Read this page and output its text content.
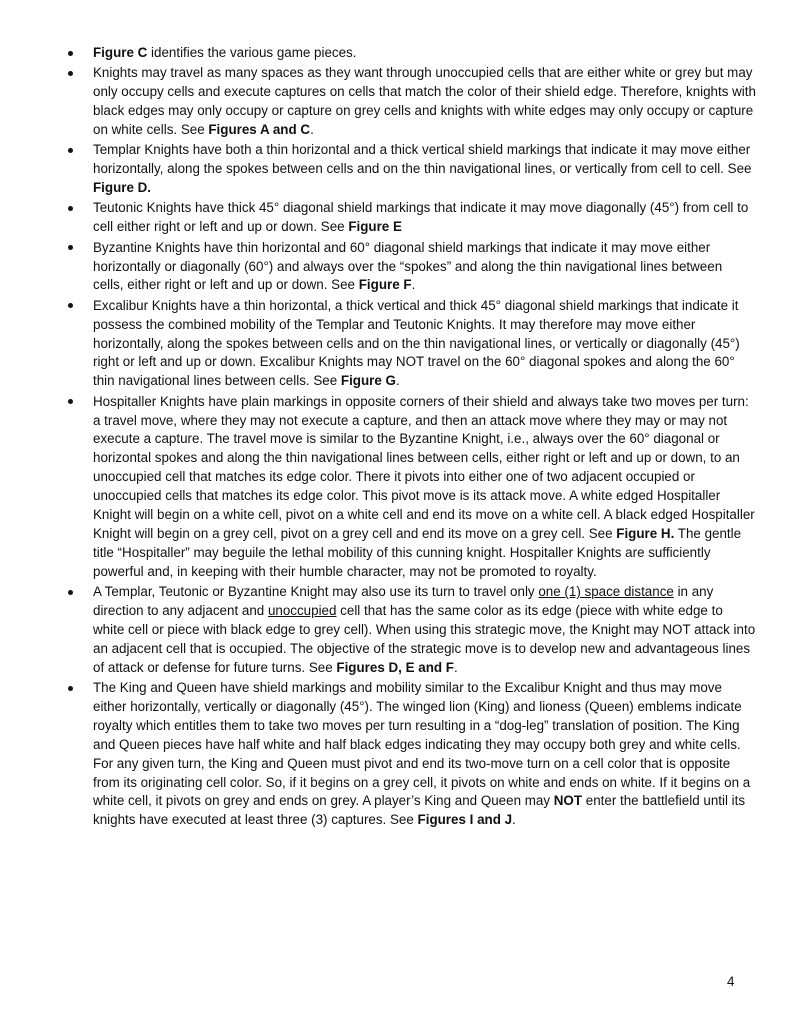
Figure C identifies the various game pieces.
Knights may travel as many spaces as they want through unoccupied cells that are either white or grey but may only occupy cells and execute captures on cells that match the color of their shield edge. Therefore, knights with black edges may only occupy or capture on grey cells and knights with white edges may only occupy or capture on white cells. See Figures A and C.
Templar Knights have both a thin horizontal and a thick vertical shield markings that indicate it may move either horizontally, along the spokes between cells and on the thin navigational lines, or vertically from cell to cell. See Figure D.
Teutonic Knights have thick 45° diagonal shield markings that indicate it may move diagonally (45°) from cell to cell either right or left and up or down. See Figure E
Byzantine Knights have thin horizontal and 60° diagonal shield markings that indicate it may move either horizontally or diagonally (60°) and always over the “spokes” and along the thin navigational lines between cells, either right or left and up or down. See Figure F.
Excalibur Knights have a thin horizontal, a thick vertical and thick 45° diagonal shield markings that indicate it possess the combined mobility of the Templar and Teutonic Knights. It may therefore may move either horizontally, along the spokes between cells and on the thin navigational lines, or vertically or diagonally (45°) right or left and up or down. Excalibur Knights may NOT travel on the 60° diagonal spokes and along the 60° thin navigational lines between cells. See Figure G.
Hospitaller Knights have plain markings in opposite corners of their shield and always take two moves per turn: a travel move, where they may not execute a capture, and then an attack move where they may or may not execute a capture. The travel move is similar to the Byzantine Knight, i.e., always over the 60° diagonal or horizontal spokes and along the thin navigational lines between cells, either right or left and up or down, to an unoccupied cell that matches its edge color. There it pivots into either one of two adjacent occupied or unoccupied cells that matches its edge color. This pivot move is its attack move. A white edged Hospitaller Knight will begin on a white cell, pivot on a white cell and end its move on a white cell. A black edged Hospitaller Knight will begin on a grey cell, pivot on a grey cell and end its move on a grey cell. See Figure H. The gentle title “Hospitaller” may beguile the lethal mobility of this cunning knight. Hospitaller Knights are sufficiently powerful and, in keeping with their humble character, may not be promoted to royalty.
A Templar, Teutonic or Byzantine Knight may also use its turn to travel only one (1) space distance in any direction to any adjacent and unoccupied cell that has the same color as its edge (piece with white edge to white cell or piece with black edge to grey cell). When using this strategic move, the Knight may NOT attack into an adjacent cell that is occupied. The objective of the strategic move is to develop new and advantageous lines of attack or defense for future turns. See Figures D, E and F.
The King and Queen have shield markings and mobility similar to the Excalibur Knight and thus may move either horizontally, vertically or diagonally (45°). The winged lion (King) and lioness (Queen) emblems indicate royalty which entitles them to take two moves per turn resulting in a “dog-leg” translation of position. The King and Queen pieces have half white and half black edges indicating they may occupy both grey and white cells. For any given turn, the King and Queen must pivot and end its two-move turn on a cell color that is opposite from its originating cell color. So, if it begins on a grey cell, it pivots on white and ends on white. If it begins on a white cell, it pivots on grey and ends on grey. A player’s King and Queen may NOT enter the battlefield until its knights have executed at least three (3) captures. See Figures I and J.
4
